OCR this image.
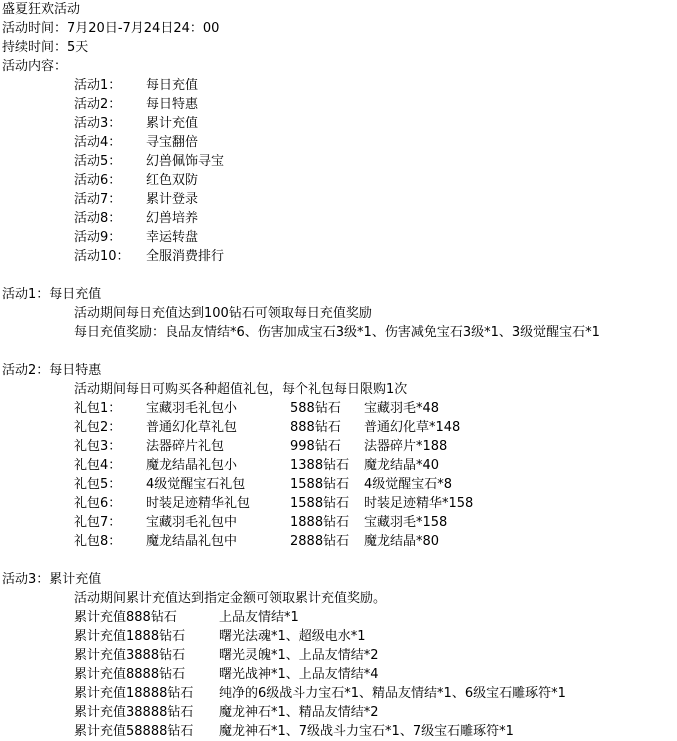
盛夏狂欢活动
活动时间：7月20日-7月24日24：00
持续时间：5天
活动内容：
活动1： 每日充值
活动2： 每日特惠
活动3： 累计充值
活动4： 寻宝翻倍
活动5： 幻兽佩饰寻宝
活动6： 红色双防
活动7： 累计登录
活动8： 幻兽培养
活动9： 幸运转盘
活动10： 全服消费排行
活动1：每日充值
活动期间每日充值达到100钻石可领取每日充值奖励
每日充值奖励：良品友情结*6、伤害加成宝石3级*1、伤害减免宝石3级*1、3级觉醒宝石*1
活动2：每日特惠
活动期间每日可购买各种超值礼包，每个礼包每日限购1次
礼包1： 宝藏羽毛礼包小	588钻石 宝藏羽毛*48
礼包2： 普通幻化草礼包	888钻石 普通幻化草*148
礼包3： 法器碎片礼包	998钻石 法器碎片*188
礼包4： 魔龙结晶礼包小	1388钻石 魔龙结晶*40
礼包5： 4级觉醒宝石礼包	1588钻石 4级觉醒宝石*8
礼包6： 时装足迹精华礼包	1588钻石 时装足迹精华*158
礼包7： 宝藏羽毛礼包中	1888钻石 宝藏羽毛*158
礼包8： 魔龙结晶礼包中	2888钻石 魔龙结晶*80
活动3：累计充值
活动期间累计充值达到指定金额可领取累计充值奖励。
累计充值888钻石	上品友情结*1
累计充值1888钻石	曙光法魂*1、超级电水*1
累计充值3888钻石	曙光灵魄*1、上品友情结*2
累计充值8888钻石	曙光战神*1、上品友情结*4
累计充值18888钻石 纯净的6级战斗力宝石*1、精品友情结*1、6级宝石雕琢符*1
累计充值38888钻石 魔龙神石*1、精品友情结*2
累计充值58888钻石 魔龙神石*1、7级战斗力宝石*1、7级宝石雕琢符*1
